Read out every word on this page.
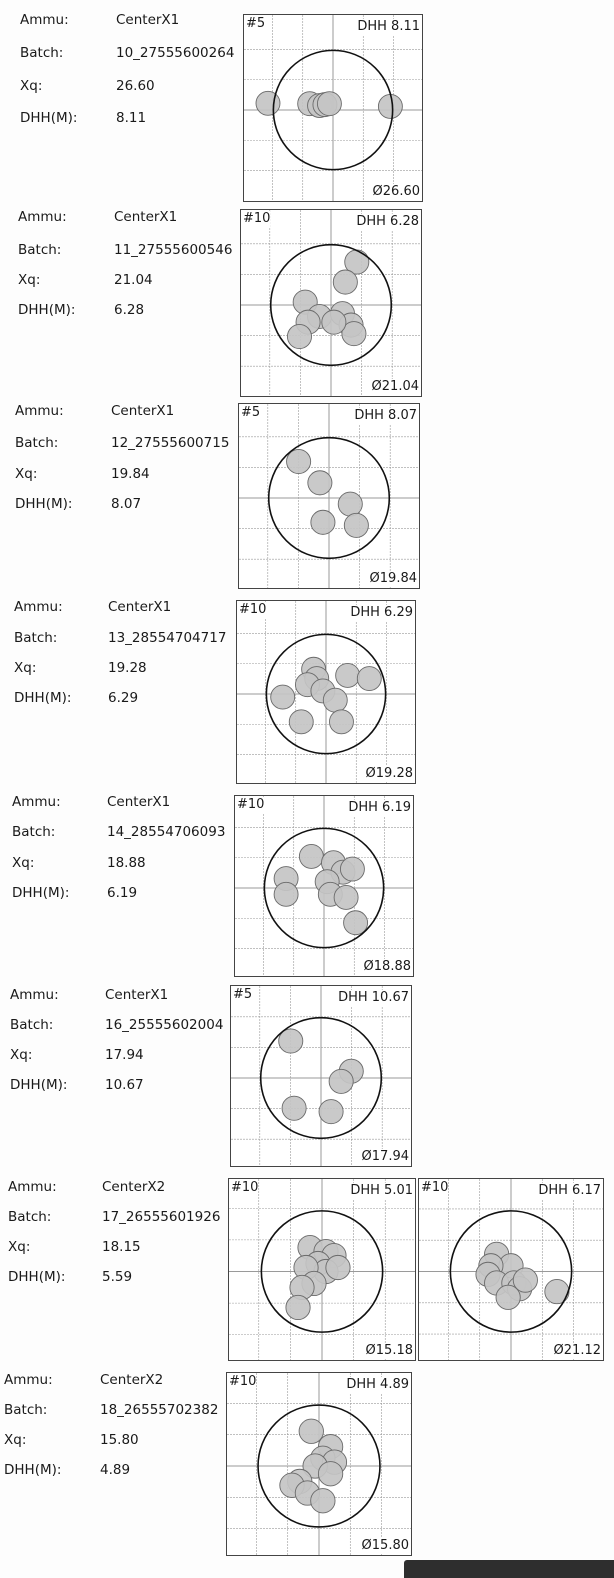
Ammu:	CenterX1
Batch:	10_27555600264
Xq:	26.60
DHH(M):	8.11
#5	DHH 8.11
Ø26.60
Ammu:	CenterX1
Batch:	11_27555600546
Xq:	21.04
DHH(M):	6.28
#10	DHH 6.28
Ø21.04
Ammu:	CenterX1
Batch:	12_27555600715
Xq:	19.84
DHH(M):	8.07
#5	DHH 8.07
Ø19.84
Ammu:	CenterX1
Batch:	13_28554704717
Xq:	19.28
DHH(M):	6.29
#10	DHH 6.29
Ø19.28
Ammu:	CenterX1
Batch:	14_28554706093
Xq:	18.88
DHH(M):	6.19
#10	DHH 6.19
Ø18.88
Ammu:	CenterX1
Batch:	16_25555602004
Xq:	17.94
DHH(M):	10.67
#5	DHH 10.67
Ø17.94
Ammu:	CenterX2
Batch:	17_26555601926
Xq:	18.15
DHH(M):	5.59
#10	DHH 5.01
Ø15.18
#10	DHH 6.17
Ø21.12
Ammu:	CenterX2
Batch:	18_26555702382
Xq:	15.80
DHH(M):	4.89
#10	DHH 4.89
Ø15.80
